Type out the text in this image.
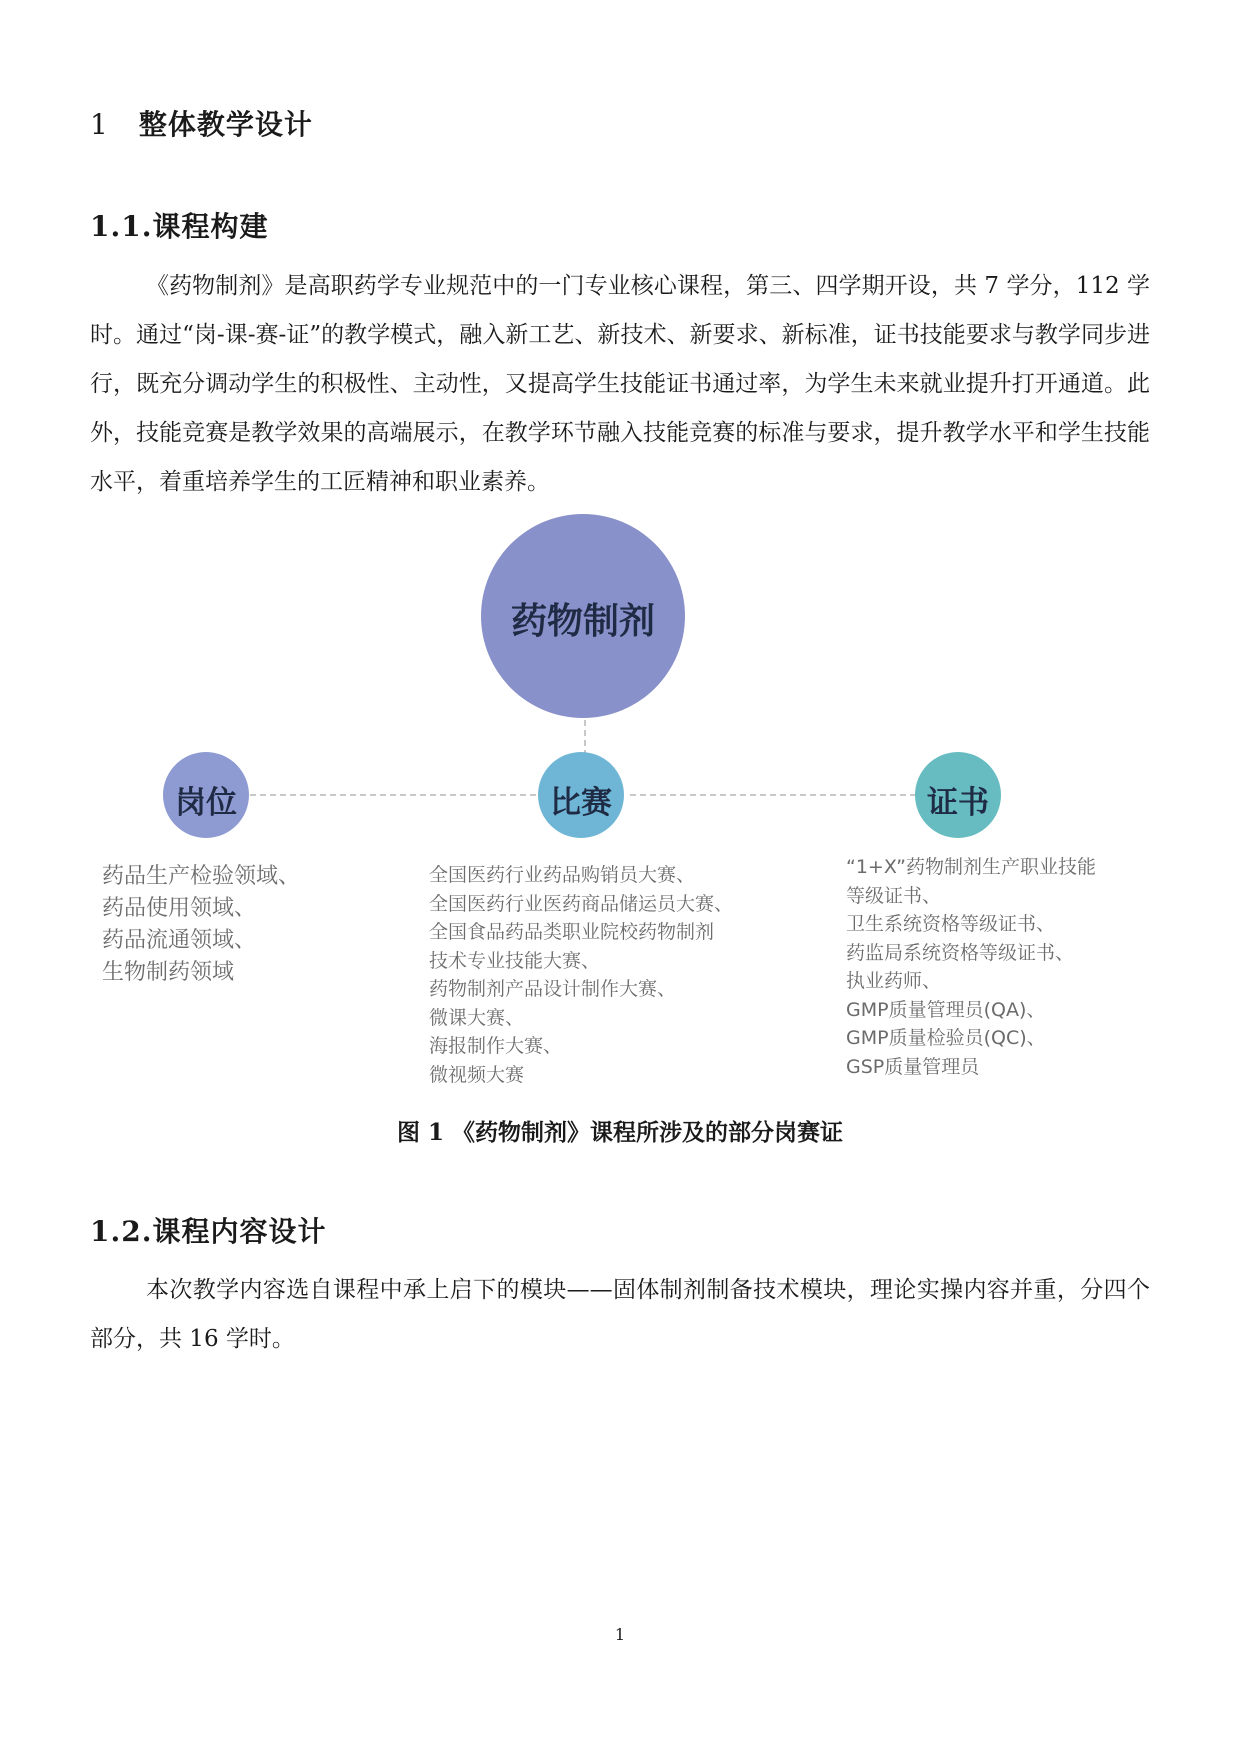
1 整体教学设计
1.1.课程构建

《药物制剂》是高职药学专业规范中的一门专业核心课程，第三、四学期开设，共 7 学分，112 学时。通过“岗-课-赛-证”的教学模式，融入新工艺、新技术、新要求、新标准，证书技能要求与教学同步进行，既充分调动学生的积极性、主动性，又提高学生技能证书通过率，为学生未来就业提升打开通道。此外，技能竞赛是教学效果的高端展示，在教学环节融入技能竞赛的标准与要求，提升教学水平和学生技能水平，着重培养学生的工匠精神和职业素养。

药物制剂
岗位	比赛	证书
药品生产检验领域、
药品使用领域、
药品流通领域、
生物制药领域
全国医药行业药品购销员大赛、
全国医药行业医药商品储运员大赛、
全国食品药品类职业院校药物制剂
技术专业技能大赛、
药物制剂产品设计制作大赛、
微课大赛、
海报制作大赛、
微视频大赛
“1+X”药物制剂生产职业技能
等级证书、
卫生系统资格等级证书、
药监局系统资格等级证书、
执业药师、
GMP质量管理员(QA)、
GMP质量检验员(QC)、
GSP质量管理员
图 1 《药物制剂》课程所涉及的部分岗赛证
1.2.课程内容设计

本次教学内容选自课程中承上启下的模块——固体制剂制备技术模块，理论实操内容并重，分四个部分，共 16 学时。

1
